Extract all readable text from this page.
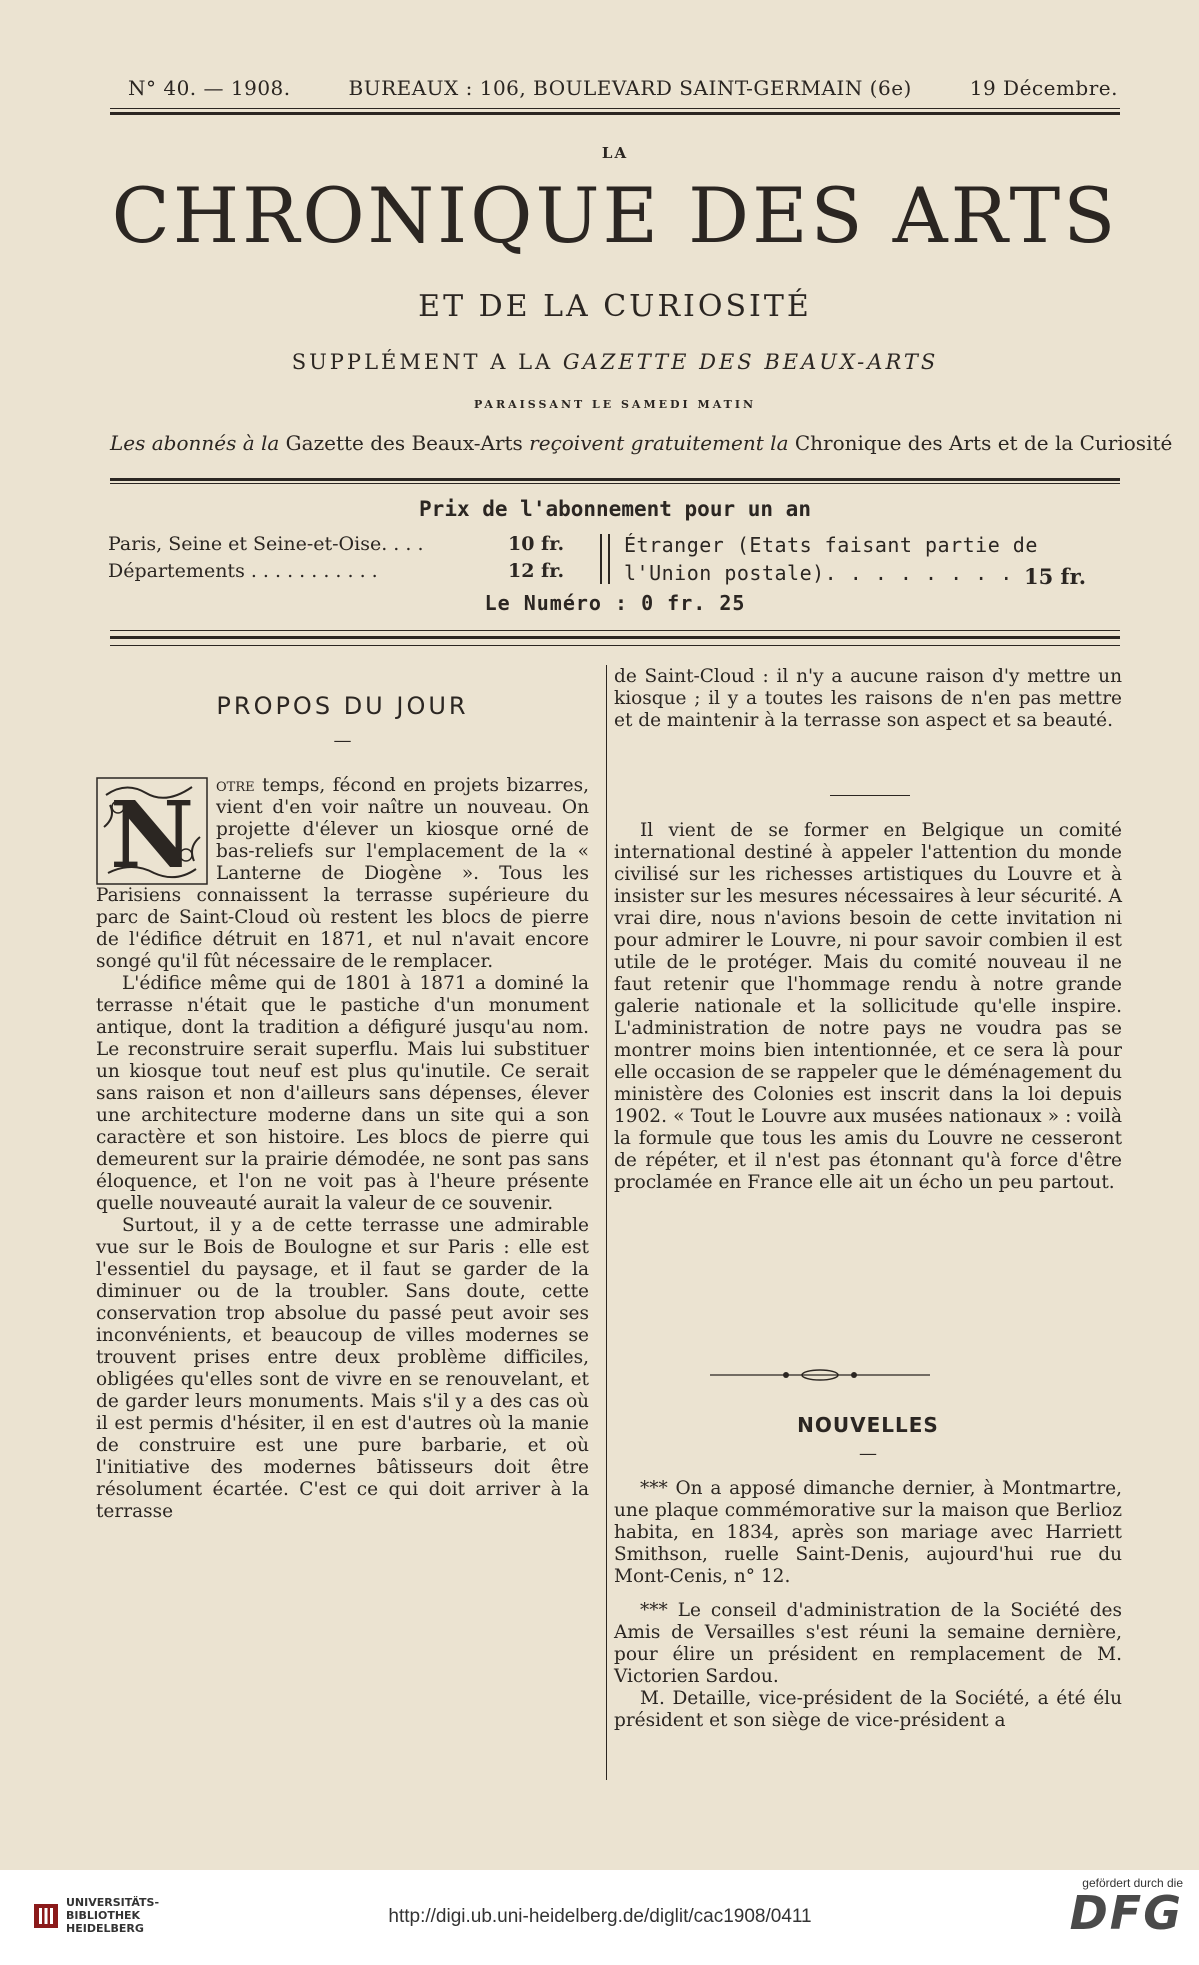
N° 40. — 1908.	BUREAUX : 106, BOULEVARD SAINT-GERMAIN (6e)	19 Décembre.
LA
CHRONIQUE DES ARTS
ET DE LA CURIOSITÉ
SUPPLÉMENT A LA GAZETTE DES BEAUX-ARTS
PARAISSANT LE SAMEDI MATIN
Les abonnés à la Gazette des Beaux-Arts reçoivent gratuitement la Chronique des Arts et de la Curiosité
Prix de l'abonnement pour un an
Paris, Seine et Seine-et-Oise. . . .	10 fr.
Départements . . . . . . . . . . .	12 fr.
Étranger (Etats faisant partie de
l'Union postale). . . . . . . . .
15 fr.
Le Numéro : 0 fr. 25
PROPOS DU JOUR
—
N	otre temps, fécond en projets bizarres, vient d'en voir naître un nouveau. On projette d'élever un kiosque orné de bas-reliefs sur l'emplacement de la « Lanterne de Diogène ». Tous les Parisiens connaissent la terrasse supérieure du parc de Saint-Cloud où restent les blocs de pierre de l'édifice détruit en 1871, et nul n'avait encore songé qu'il fût nécessaire de le remplacer.

L'édifice même qui de 1801 à 1871 a dominé la terrasse n'était que le pastiche d'un monument antique, dont la tradition a défiguré jusqu'au nom. Le reconstruire serait superflu. Mais lui substituer un kiosque tout neuf est plus qu'inutile. Ce serait sans raison et non d'ailleurs sans dépenses, élever une architecture moderne dans un site qui a son caractère et son histoire. Les blocs de pierre qui demeurent sur la prairie démodée, ne sont pas sans éloquence, et l'on ne voit pas à l'heure présente quelle nouveauté aurait la valeur de ce souvenir.

Surtout, il y a de cette terrasse une admirable vue sur le Bois de Boulogne et sur Paris : elle est l'essentiel du paysage, et il faut se garder de la diminuer ou de la troubler. Sans doute, cette conservation trop absolue du passé peut avoir ses inconvénients, et beaucoup de villes modernes se trouvent prises entre deux problème difficiles, obligées qu'elles sont de vivre en se renouvelant, et de garder leurs monuments. Mais s'il y a des cas où il est permis d'hésiter, il en est d'autres où la manie de construire est une pure barbarie, et où l'initiative des modernes bâtisseurs doit être résolument écartée. C'est ce qui doit arriver à la terrasse

de Saint-Cloud : il n'y a aucune raison d'y mettre un kiosque ; il y a toutes les raisons de n'en pas mettre et de maintenir à la terrasse son aspect et sa beauté.

Il vient de se former en Belgique un comité international destiné à appeler l'attention du monde civilisé sur les richesses artistiques du Louvre et à insister sur les mesures nécessaires à leur sécurité. A vrai dire, nous n'avions besoin de cette invitation ni pour admirer le Louvre, ni pour savoir combien il est utile de le protéger. Mais du comité nouveau il ne faut retenir que l'hommage rendu à notre grande galerie nationale et la sollicitude qu'elle inspire. L'administration de notre pays ne voudra pas se montrer moins bien intentionnée, et ce sera là pour elle occasion de se rappeler que le déménagement du ministère des Colonies est inscrit dans la loi depuis 1902. « Tout le Louvre aux musées nationaux » : voilà la formule que tous les amis du Louvre ne cesseront de répéter, et il n'est pas étonnant qu'à force d'être proclamée en France elle ait un écho un peu partout.

NOUVELLES
—

*** On a apposé dimanche dernier, à Montmartre, une plaque commémorative sur la maison que Berlioz habita, en 1834, après son mariage avec Harriett Smithson, ruelle Saint-Denis, aujourd'hui rue du Mont-Cenis, n° 12.

*** Le conseil d'administration de la Société des Amis de Versailles s'est réuni la semaine dernière, pour élire un président en remplacement de M. Victorien Sardou.

M. Detaille, vice-président de la Société, a été élu président et son siège de vice-président a

UNIVERSITÄTS-
BIBLIOTHEK
HEIDELBERG
http://digi.ub.uni-heidelberg.de/diglit/cac1908/0411
gefördert durch die
DFG
